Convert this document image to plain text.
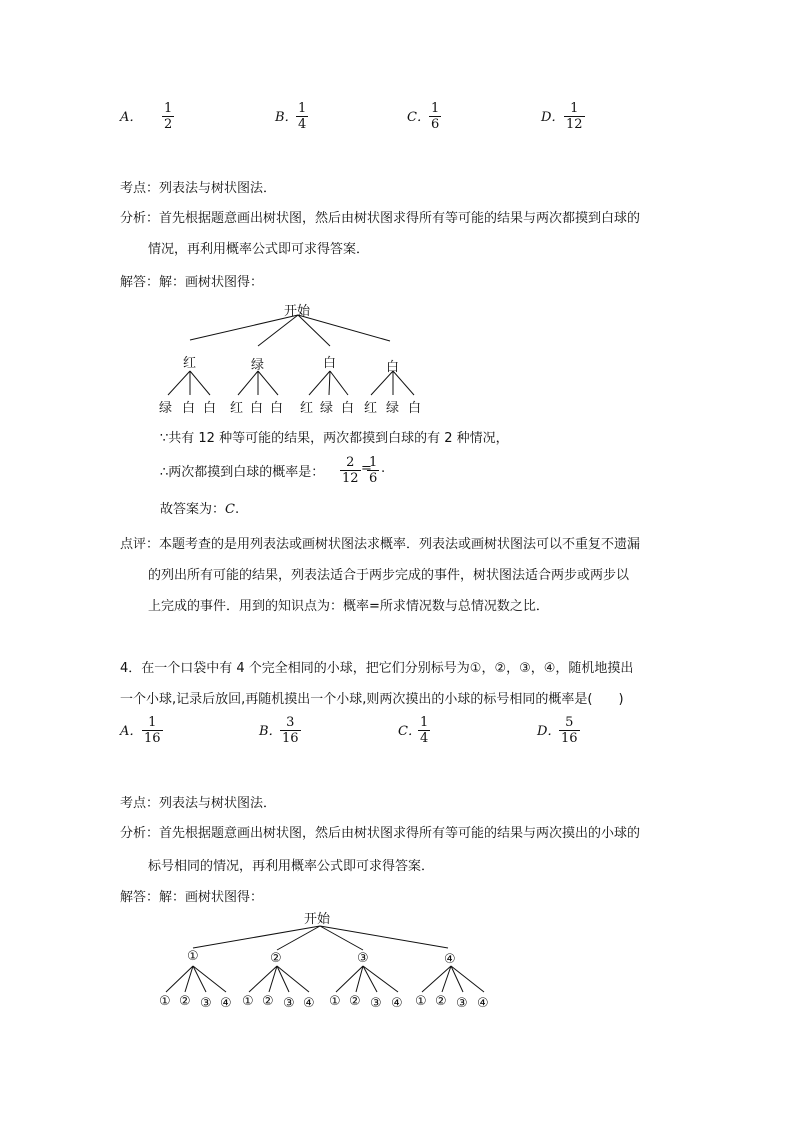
A． $\frac{1}{2}$	B．
$\frac{1}{4}$	C． $\frac{1}{6}$	D． $\frac{1}{12}$
考点：列表法与树状图法．
分析：首先根据题意画出树状图，然后由树状图求得所有等可能的结果与两次都摸到白球的
情况，再利用概率公式即可求得答案．
解答：解：画树状图得：
开始
红	绿	白	白
绿 白 白 红 白 白 红 绿 白 红 绿 白
∵共有 12 种等可能的结果，两次都摸到白球的有 2 种情况，
∴两次都摸到白球的概率是： $\frac{2}{12}$ =
$\frac{1}{6}$ .
故答案为：C.
点评：本题考查的是用列表法或画树状图法求概率．列表法或画树状图法可以不重复不遗漏
的列出所有可能的结果，列表法适合于两步完成的事件，树状图法适合两步或两步以
上完成的事件．用到的知识点为：概率=所求情况数与总情况数之比．
4．在一个口袋中有 4 个完全相同的小球，把它们分别标号为①，②，③，④，随机地摸出
一个小球,记录后放回,再随机摸出一个小球,则两次摸出的小球的标号相同的概率是(　　)
A． $\frac{1}{16}$	B．
$\frac{3}{16}$	C．
$\frac{1}{4}$	D．
$\frac{5}{16}$
考点：列表法与树状图法．
分析：首先根据题意画出树状图，然后由树状图求得所有等可能的结果与两次摸出的小球的
标号相同的情况，再利用概率公式即可求得答案．
解答：解：画树状图得：
开始
①	②	③	④
① ② ③ ④ ① ② ③ ④ ① ② ③ ④ ① ② ③ ④
